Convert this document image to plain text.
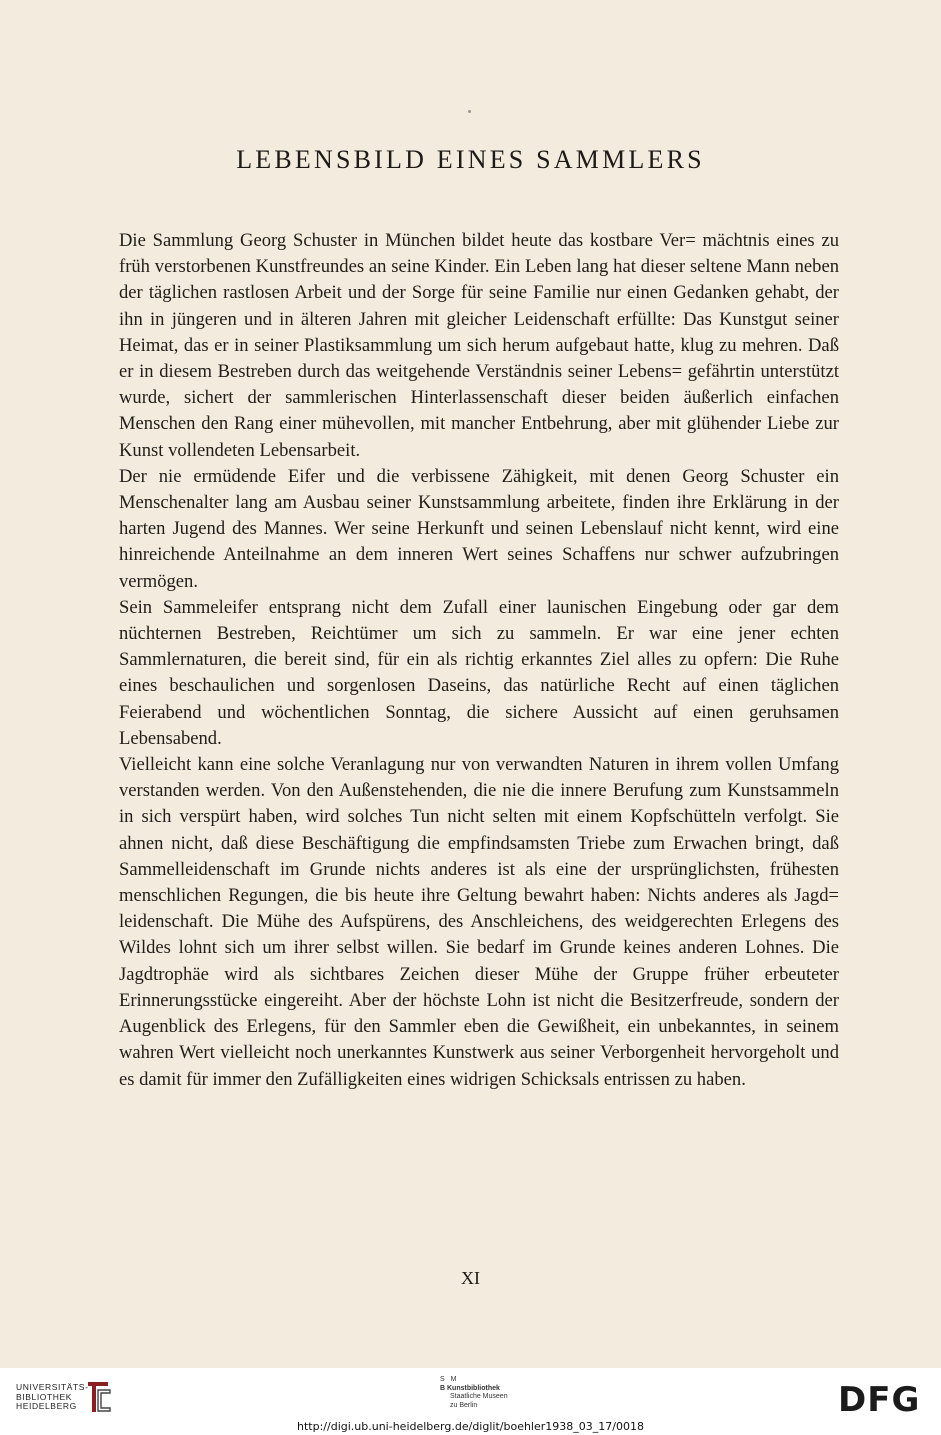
LEBENSBILD EINES SAMMLERS

Die Sammlung Georg Schuster in München bildet heute das kostbare Ver= mächtnis eines zu früh verstorbenen Kunstfreundes an seine Kinder. Ein Leben lang hat dieser seltene Mann neben der täglichen rastlosen Arbeit und der Sorge für seine Familie nur einen Gedanken gehabt, der ihn in jüngeren und in älteren Jahren mit gleicher Leidenschaft erfüllte: Das Kunstgut seiner Heimat, das er in seiner Plastiksammlung um sich herum aufgebaut hatte, klug zu mehren. Daß er in diesem Bestreben durch das weitgehende Verständnis seiner Lebens= gefährtin unterstützt wurde, sichert der sammlerischen Hinterlassenschaft dieser beiden äußerlich einfachen Menschen den Rang einer mühevollen, mit mancher Entbehrung, aber mit glühender Liebe zur Kunst vollendeten Lebensarbeit.

Der nie ermüdende Eifer und die verbissene Zähigkeit, mit denen Georg Schuster ein Menschenalter lang am Ausbau seiner Kunstsammlung arbeitete, finden ihre Erklärung in der harten Jugend des Mannes. Wer seine Herkunft und seinen Lebenslauf nicht kennt, wird eine hinreichende Anteilnahme an dem inneren Wert seines Schaffens nur schwer aufzubringen vermögen.

Sein Sammeleifer entsprang nicht dem Zufall einer launischen Eingebung oder gar dem nüchternen Bestreben, Reichtümer um sich zu sammeln. Er war eine jener echten Sammlernaturen, die bereit sind, für ein als richtig erkanntes Ziel alles zu opfern: Die Ruhe eines beschaulichen und sorgenlosen Daseins, das natürliche Recht auf einen täglichen Feierabend und wöchentlichen Sonntag, die sichere Aussicht auf einen geruhsamen Lebensabend.

Vielleicht kann eine solche Veranlagung nur von verwandten Naturen in ihrem vollen Umfang verstanden werden. Von den Außenstehenden, die nie die innere Berufung zum Kunstsammeln in sich verspürt haben, wird solches Tun nicht selten mit einem Kopfschütteln verfolgt. Sie ahnen nicht, daß diese Beschäftigung die empfindsamsten Triebe zum Erwachen bringt, daß Sammelleidenschaft im Grunde nichts anderes ist als eine der ursprünglichsten, frühesten menschlichen Regungen, die bis heute ihre Geltung bewahrt haben: Nichts anderes als Jagd= leidenschaft. Die Mühe des Aufspürens, des Anschleichens, des weidgerechten Erlegens des Wildes lohnt sich um ihrer selbst willen. Sie bedarf im Grunde keines anderen Lohnes. Die Jagdtrophäe wird als sichtbares Zeichen dieser Mühe der Gruppe früher erbeuteter Erinnerungsstücke eingereiht. Aber der höchste Lohn ist nicht die Besitzerfreude, sondern der Augenblick des Erlegens, für den Sammler eben die Gewißheit, ein unbekanntes, in seinem wahren Wert vielleicht noch unerkanntes Kunstwerk aus seiner Verborgenheit hervorgeholt und es damit für immer den Zufälligkeiten eines widrigen Schicksals entrissen zu haben.

XI
UNIVERSITÄTS-
BIBLIOTHEK
HEIDELBERG
S M
B Kunstbibliothek
Staatliche Museen
zu Berlin	DFG
http://digi.ub.uni-heidelberg.de/diglit/boehler1938_03_17/0018
